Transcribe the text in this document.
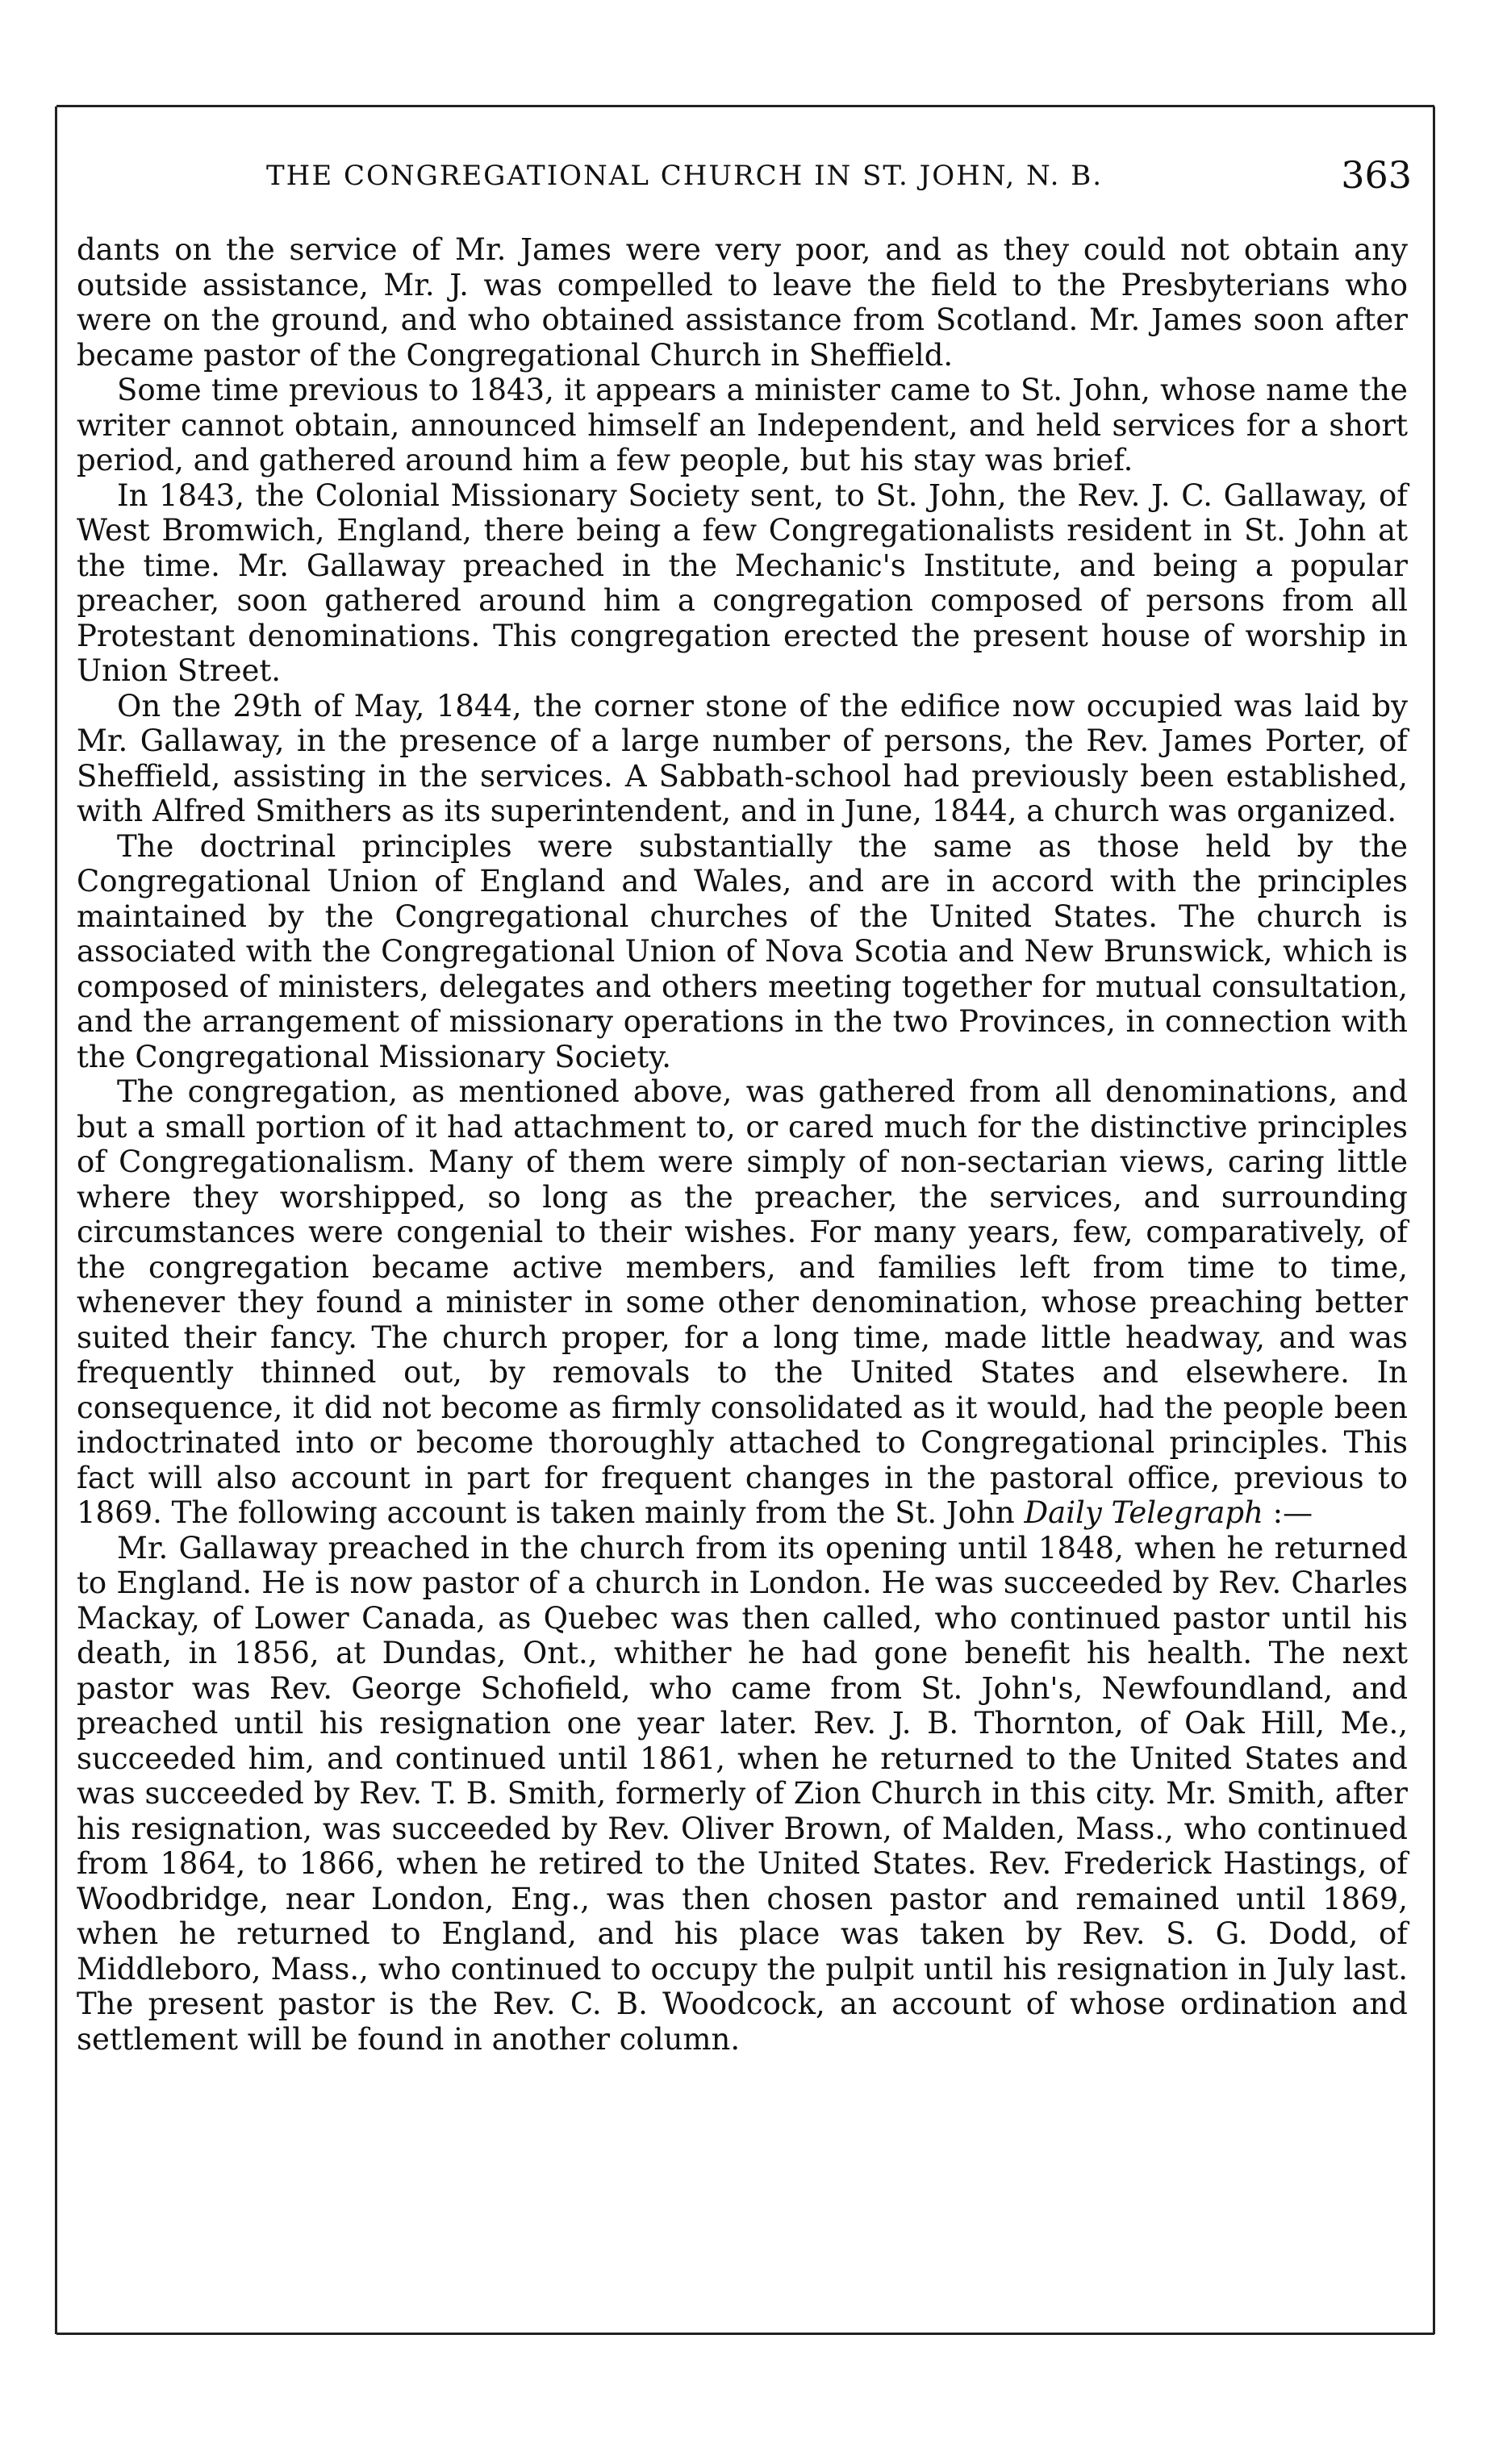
THE CONGREGATIONAL CHURCH IN ST. JOHN, N. B.	363

dants on the service of Mr. James were very poor, and as they could not obtain any outside assistance, Mr. J. was compelled to leave the field to the Presbyterians who were on the ground, and who obtained assistance from Scotland. Mr. James soon after became pastor of the Congregational Church in Sheffield.

Some time previous to 1843, it appears a minister came to St. John, whose name the writer cannot obtain, announced himself an Independent, and held services for a short period, and gathered around him a few people, but his stay was brief.

In 1843, the Colonial Missionary Society sent, to St. John, the Rev. J. C. Gallaway, of West Bromwich, England, there being a few Congregationalists resident in St. John at the time. Mr. Gallaway preached in the Mechanic's Institute, and being a popular preacher, soon gathered around him a congregation composed of persons from all Protestant denominations. This congregation erected the present house of worship in Union Street.

On the 29th of May, 1844, the corner stone of the edifice now occupied was laid by Mr. Gallaway, in the presence of a large number of persons, the Rev. James Porter, of Sheffield, assisting in the services. A Sabbath-school had previously been established, with Alfred Smithers as its superintendent, and in June, 1844, a church was organized.

The doctrinal principles were substantially the same as those held by the Congregational Union of England and Wales, and are in accord with the principles maintained by the Congregational churches of the United States. The church is associated with the Congregational Union of Nova Scotia and New Brunswick, which is composed of ministers, delegates and others meeting together for mutual consultation, and the arrangement of missionary operations in the two Provinces, in connection with the Congregational Missionary Society.

The congregation, as mentioned above, was gathered from all denominations, and but a small portion of it had attachment to, or cared much for the distinctive principles of Congregationalism. Many of them were simply of non-sectarian views, caring little where they worshipped, so long as the preacher, the services, and surrounding circumstances were congenial to their wishes. For many years, few, comparatively, of the congregation became active members, and families left from time to time, whenever they found a minister in some other denomination, whose preaching better suited their fancy. The church proper, for a long time, made little headway, and was frequently thinned out, by removals to the United States and elsewhere. In consequence, it did not become as firmly consolidated as it would, had the people been indoctrinated into or become thoroughly attached to Congregational principles. This fact will also account in part for frequent changes in the pastoral office, previous to 1869. The following account is taken mainly from the St. John Daily Telegraph :—

Mr. Gallaway preached in the church from its opening until 1848, when he returned to England. He is now pastor of a church in London. He was succeeded by Rev. Charles Mackay, of Lower Canada, as Quebec was then called, who continued pastor until his death, in 1856, at Dundas, Ont., whither he had gone benefit his health. The next pastor was Rev. George Schofield, who came from St. John's, Newfoundland, and preached until his resignation one year later. Rev. J. B. Thornton, of Oak Hill, Me., succeeded him, and continued until 1861, when he returned to the United States and was succeeded by Rev. T. B. Smith, formerly of Zion Church in this city. Mr. Smith, after his resignation, was succeeded by Rev. Oliver Brown, of Malden, Mass., who continued from 1864, to 1866, when he retired to the United States. Rev. Frederick Hastings, of Woodbridge, near London, Eng., was then chosen pastor and remained until 1869, when he returned to England, and his place was taken by Rev. S. G. Dodd, of Middleboro, Mass., who continued to occupy the pulpit until his resignation in July last. The present pastor is the Rev. C. B. Woodcock, an account of whose ordination and settlement will be found in another column.
